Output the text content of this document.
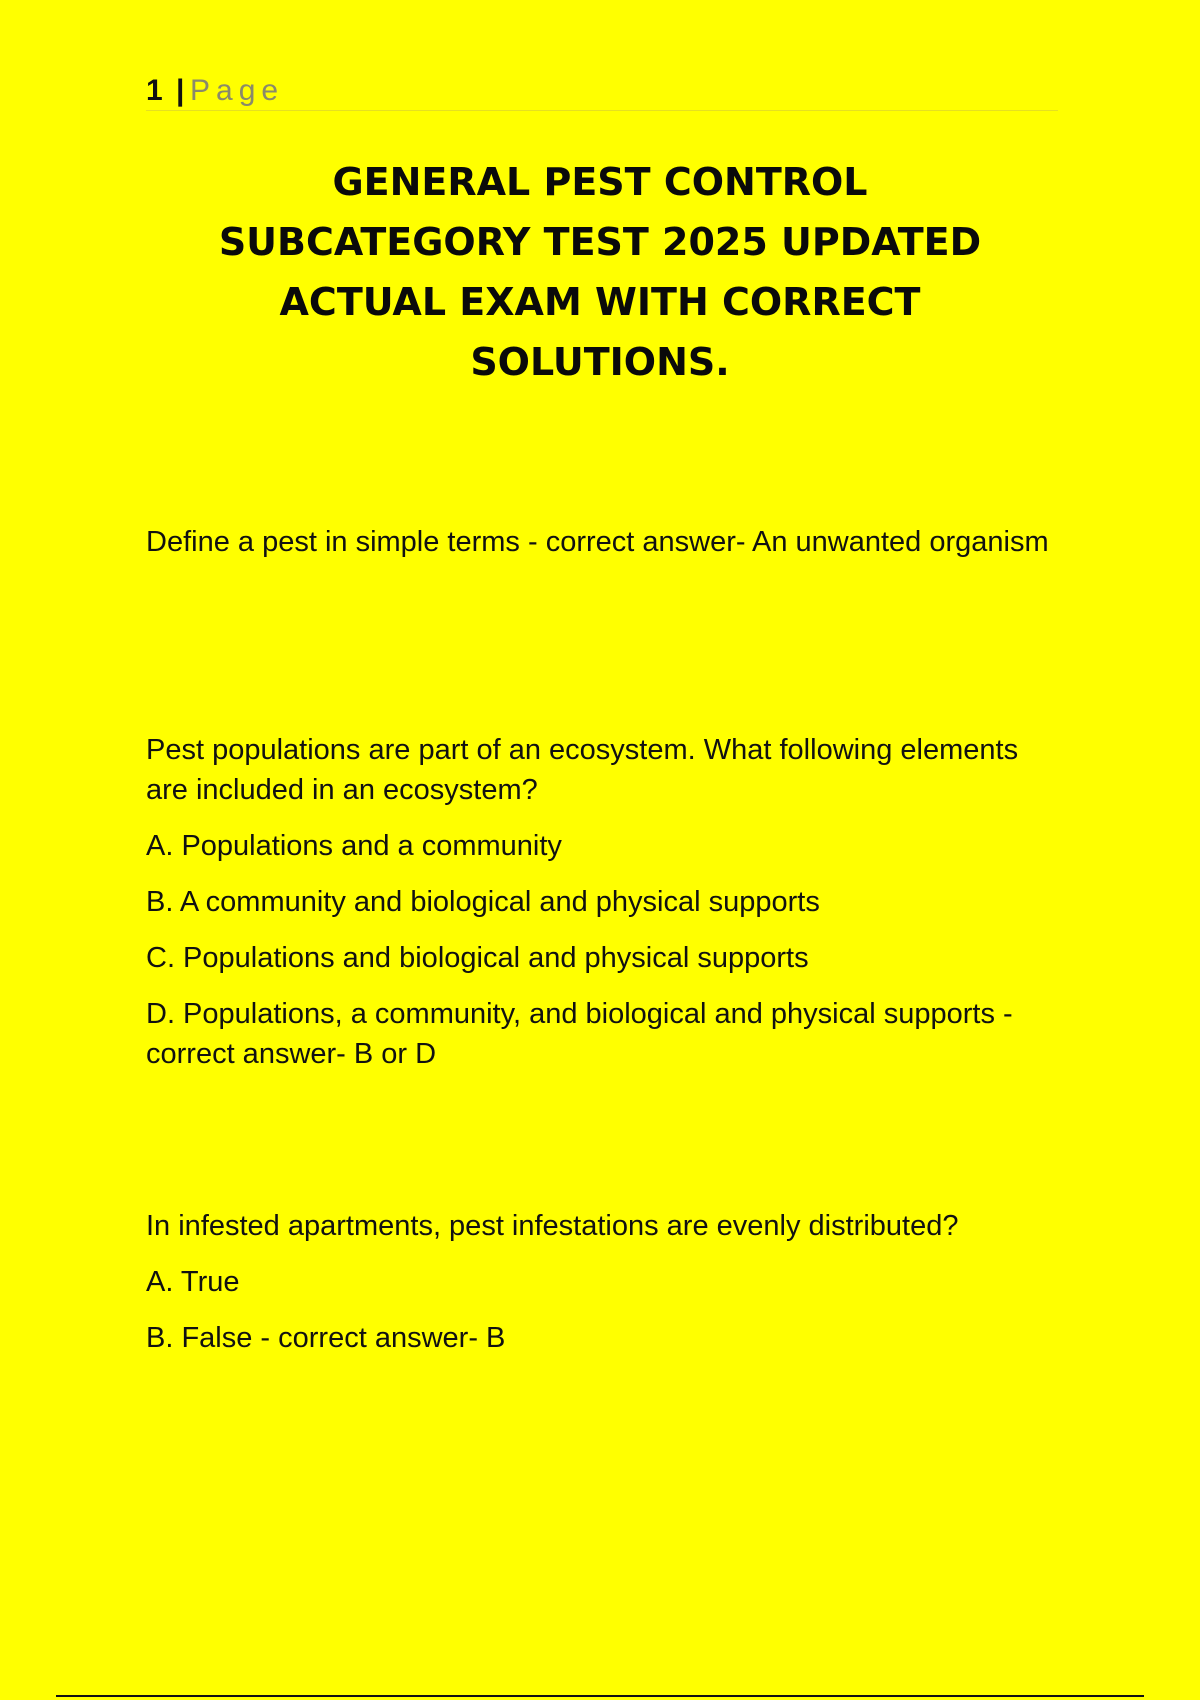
1 | Page
GENERAL PEST CONTROL
SUBCATEGORY TEST 2025 UPDATED
ACTUAL EXAM WITH CORRECT
SOLUTIONS.

Define a pest in simple terms - correct answer- An unwanted organism

Pest populations are part of an ecosystem. What following elements are included in an ecosystem?

A. Populations and a community

B. A community and biological and physical supports

C. Populations and biological and physical supports

D. Populations, a community, and biological and physical supports - correct answer- B or D

In infested apartments, pest infestations are evenly distributed?

A. True

B. False - correct answer- B
